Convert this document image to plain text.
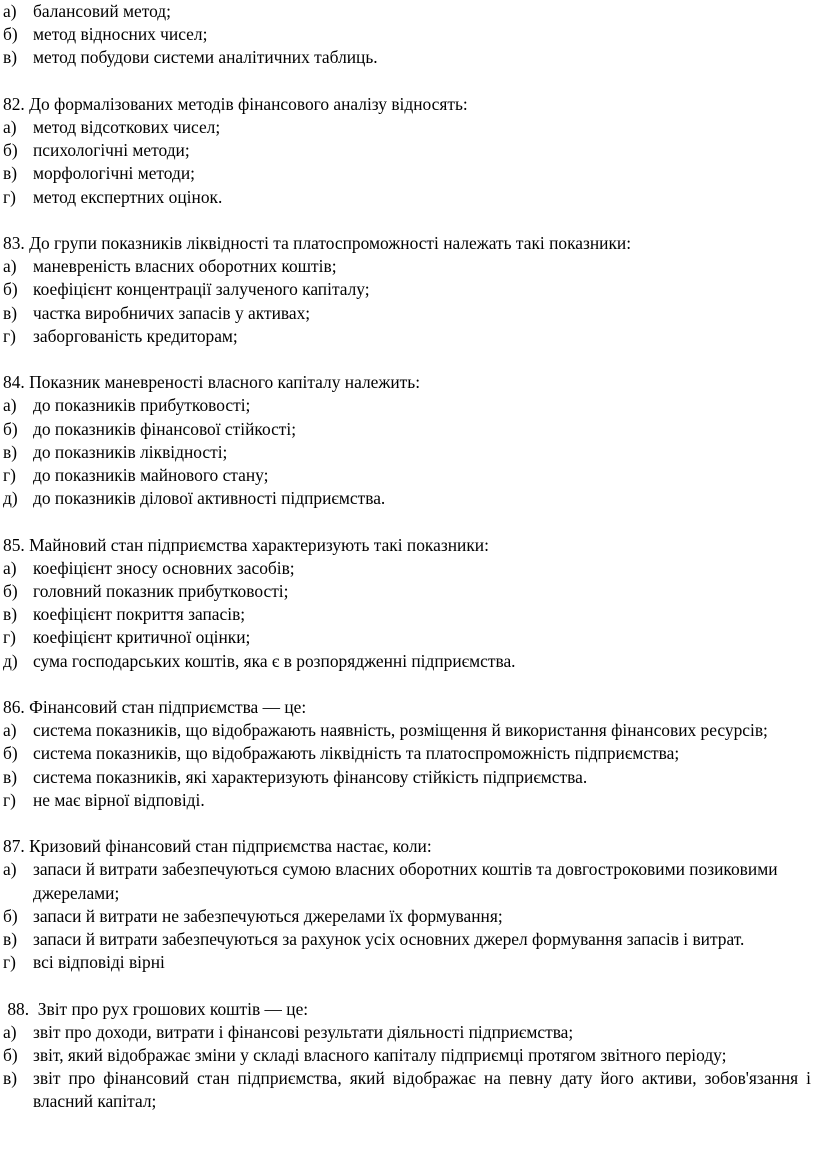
а) балансовий метод;
б) метод відносних чисел;
в) метод побудови системи аналітичних таблиць.
82. До формалізованих методів фінансового аналізу відносять:
а) метод відсоткових чисел;
б) психологічні методи;
в) морфологічні методи;
г) метод експертних оцінок.
83. До групи показників ліквідності та платоспроможності належать такі показники:
а) маневреність власних оборотних коштів;
б) коефіцієнт концентрації залученого капіталу;
в) частка виробничих запасів у активах;
г) заборгованість кредиторам;
84. Показник маневреності власного капіталу належить:
а) до показників прибутковості;
б) до показників фінансової стійкості;
в) до показників ліквідності;
г) до показників майнового стану;
д) до показників ділової активності підприємства.
85. Майновий стан підприємства характеризують такі показники:
а) коефіцієнт зносу основних засобів;
б) головний показник прибутковості;
в) коефіцієнт покриття запасів;
г) коефіцієнт критичної оцінки;
д) сума господарських коштів, яка є в розпорядженні підприємства.
86. Фінансовий стан підприємства — це:
а) система показників, що відображають наявність, розміщення й використання фінансових ресурсів;
б) система показників, що відображають ліквідність та платоспроможність підприємства;
в) система показників, які характеризують фінансову стійкість підприємства.
г) не має вірної відповіді.
87. Кризовий фінансовий стан підприємства настає, коли:
а) запаси й витрати забезпечуються сумою власних оборотних коштів та довгостроковими позиковими джерелами;
б) запаси й витрати не забезпечуються джерелами їх формування;
в) запаси й витрати забезпечуються за рахунок усіх основних джерел формування запасів і витрат.
г) всі відповіді вірні
88.  Звіт про рух грошових коштів — це:
а) звіт про доходи, витрати і фінансові результати діяльності підприємства;
б) звіт, який відображає зміни у складі власного капіталу підприємці протягом звітного періоду;
в) звіт про фінансовий стан підприємства, який відображає на певну дату його активи, зобов'язання і власний капітал;
